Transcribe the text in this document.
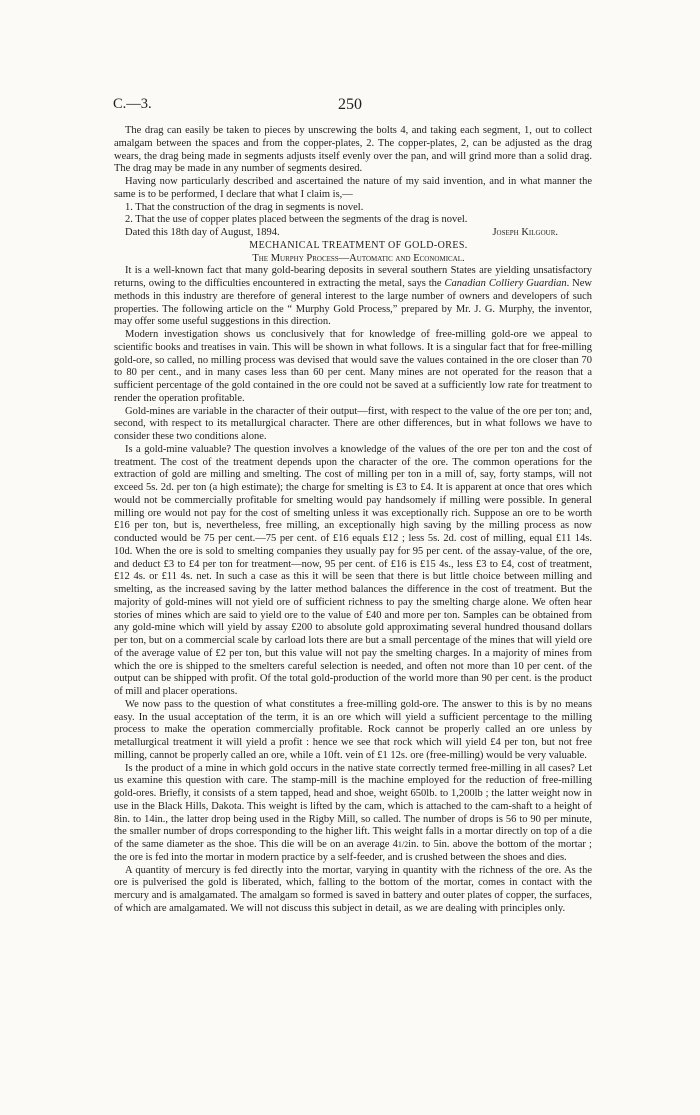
C.—3.	250

The drag can easily be taken to pieces by unscrewing the bolts 4, and taking each segment, 1, out to collect amalgam between the spaces and from the copper-plates, 2. The copper-plates, 2, can be adjusted as the drag wears, the drag being made in segments adjusts itself evenly over the pan, and will grind more than a solid drag. The drag may be made in any number of segments desired.

Having now particularly described and ascertained the nature of my said invention, and in what manner the same is to be performed, I declare that what I claim is,—

1. That the construction of the drag in segments is novel.

2. That the use of copper plates placed between the segments of the drag is novel.

Dated this 18th day of August, 1894.	Joseph Kilgour.

MECHANICAL TREATMENT OF GOLD-ORES.

The Murphy Process—Automatic and Economical.

It is a well-known fact that many gold-bearing deposits in several southern States are yielding unsatisfactory returns, owing to the difficulties encountered in extracting the metal, says the Canadian Colliery Guardian. New methods in this industry are therefore of general interest to the large number of owners and developers of such properties. The following article on the “ Murphy Gold Process,” prepared by Mr. J. G. Murphy, the inventor, may offer some useful suggestions in this direction.

Modern investigation shows us conclusively that for knowledge of free-milling gold-ore we appeal to scientific books and treatises in vain. This will be shown in what follows. It is a singular fact that for free-milling gold-ore, so called, no milling process was devised that would save the values contained in the ore closer than 70 to 80 per cent., and in many cases less than 60 per cent. Many mines are not operated for the reason that a sufficient percentage of the gold contained in the ore could not be saved at a sufficiently low rate for treatment to render the operation profitable.

Gold-mines are variable in the character of their output—first, with respect to the value of the ore per ton; and, second, with respect to its metallurgical character. There are other differences, but in what follows we have to consider these two conditions alone.

Is a gold-mine valuable? The question involves a knowledge of the values of the ore per ton and the cost of treatment. The cost of the treatment depends upon the character of the ore. The common operations for the extraction of gold are milling and smelting. The cost of milling per ton in a mill of, say, forty stamps, will not exceed 5s. 2d. per ton (a high estimate); the charge for smelting is £3 to £4. It is apparent at once that ores which would not be commercially profitable for smelting would pay handsomely if milling were possible. In general milling ore would not pay for the cost of smelting unless it was exceptionally rich. Suppose an ore to be worth £16 per ton, but is, nevertheless, free milling, an exceptionally high saving by the milling process as now conducted would be 75 per cent.—75 per cent. of £16 equals £12 ; less 5s. 2d. cost of milling, equal £11 14s. 10d. When the ore is sold to smelting companies they usually pay for 95 per cent. of the assay-value, of the ore, and deduct £3 to £4 per ton for treatment—now, 95 per cent. of £16 is £15 4s., less £3 to £4, cost of treatment, £12 4s. or £11 4s. net. In such a case as this it will be seen that there is but little choice between milling and smelting, as the increased saving by the latter method balances the difference in the cost of treatment. But the majority of gold-mines will not yield ore of sufficient richness to pay the smelting charge alone. We often hear stories of mines which are said to yield ore to the value of £40 and more per ton. Samples can be obtained from any gold-mine which will yield by assay £200 to absolute gold approximating several hundred thousand dollars per ton, but on a commercial scale by carload lots there are but a small percentage of the mines that will yield ore of the average value of £2 per ton, but this value will not pay the smelting charges. In a majority of mines from which the ore is shipped to the smelters careful selection is needed, and often not more than 10 per cent. of the output can be shipped with profit. Of the total gold-production of the world more than 90 per cent. is the product of mill and placer operations.

We now pass to the question of what constitutes a free-milling gold-ore. The answer to this is by no means easy. In the usual acceptation of the term, it is an ore which will yield a sufficient percentage to the milling process to make the operation commercially profitable. Rock cannot be properly called an ore unless by metallurgical treatment it will yield a profit : hence we see that rock which will yield £4 per ton, but not free milling, cannot be properly called an ore, while a 10ft. vein of £1 12s. ore (free-milling) would be very valuable.

Is the product of a mine in which gold occurs in the native state correctly termed free-milling in all cases? Let us examine this question with care. The stamp-mill is the machine employed for the reduction of free-milling gold-ores. Briefly, it consists of a stem tapped, head and shoe, weight 650lb. to 1,200lb ; the latter weight now in use in the Black Hills, Dakota. This weight is lifted by the cam, which is attached to the cam-shaft to a height of 8in. to 14in., the latter drop being used in the Rigby Mill, so called. The number of drops is 56 to 90 per minute, the smaller number of drops corresponding to the higher lift. This weight falls in a mortar directly on top of a die of the same diameter as the shoe. This die will be on an average 41/2in. to 5in. above the bottom of the mortar ; the ore is fed into the mortar in modern practice by a self-feeder, and is crushed between the shoes and dies.

A quantity of mercury is fed directly into the mortar, varying in quantity with the richness of the ore. As the ore is pulverised the gold is liberated, which, falling to the bottom of the mortar, comes in contact with the mercury and is amalgamated. The amalgam so formed is saved in battery and outer plates of copper, the surfaces, of which are amalgamated. We will not discuss this subject in detail, as we are dealing with principles only.
